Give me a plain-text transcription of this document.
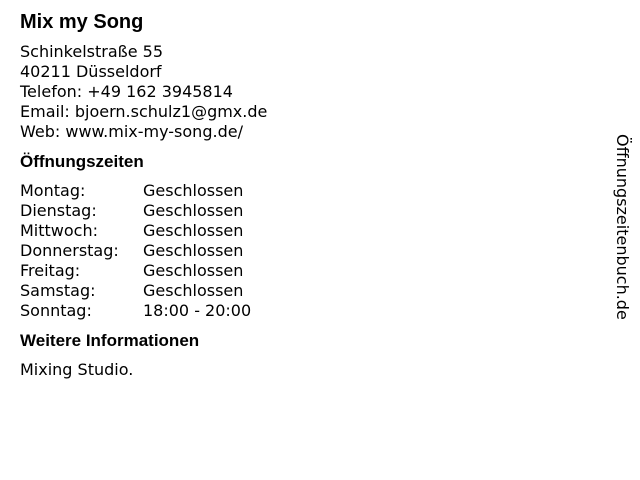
Mix my Song
Schinkelstraße 55
40211 Düsseldorf
Telefon: +49 162 3945814
Email: bjoern.schulz1@gmx.de
Web: www.mix-my-song.de/
Öffnungszeiten
Montag:	Geschlossen
Dienstag:	Geschlossen
Mittwoch:	Geschlossen
Donnerstag: Geschlossen
Freitag:	Geschlossen
Samstag:	Geschlossen
Sonntag:	18:00 - 20:00
Weitere Informationen
Mixing Studio.
Öffnungszeitenbuch.de
